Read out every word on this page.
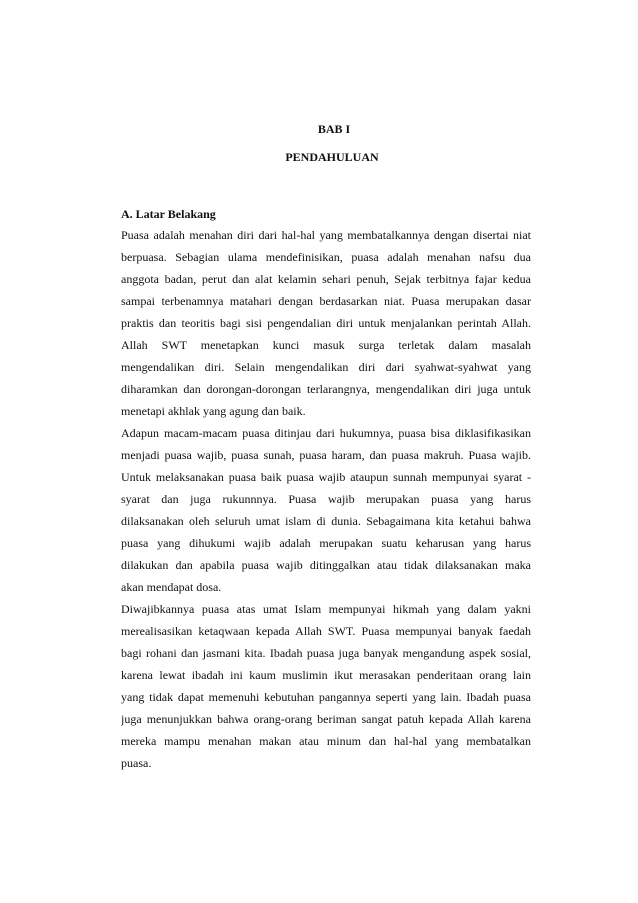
BAB I
PENDAHULUAN
A. Latar Belakang
Puasa adalah menahan diri dari hal-hal yang membatalkannya dengan disertai niat
berpuasa. Sebagian ulama mendefinisikan, puasa adalah menahan nafsu dua
anggota badan, perut dan alat kelamin sehari penuh, Sejak terbitnya fajar kedua
sampai terbenamnya matahari dengan berdasarkan niat. Puasa merupakan dasar
praktis dan teoritis bagi sisi pengendalian diri untuk menjalankan perintah Allah.
Allah SWT menetapkan kunci masuk surga terletak dalam masalah
mengendalikan diri. Selain mengendalikan diri dari syahwat-syahwat yang
diharamkan dan dorongan-dorongan terlarangnya, mengendalikan diri juga untuk
menetapi akhlak yang agung dan baik.
Adapun macam-macam puasa ditinjau dari hukumnya, puasa bisa diklasifikasikan
menjadi puasa wajib, puasa sunah, puasa haram, dan puasa makruh. Puasa wajib.
Untuk melaksanakan puasa baik puasa wajib ataupun sunnah mempunyai syarat -
syarat dan juga rukunnnya. Puasa wajib merupakan puasa yang harus
dilaksanakan oleh seluruh umat islam di dunia. Sebagaimana kita ketahui bahwa
puasa yang dihukumi wajib adalah merupakan suatu keharusan yang harus
dilakukan dan apabila puasa wajib ditinggalkan atau tidak dilaksanakan maka
akan mendapat dosa.
Diwajibkannya puasa atas umat Islam mempunyai hikmah yang dalam yakni
merealisasikan ketaqwaan kepada Allah SWT. Puasa mempunyai banyak faedah
bagi rohani dan jasmani kita. Ibadah puasa juga banyak mengandung aspek sosial,
karena lewat ibadah ini kaum muslimin ikut merasakan penderitaan orang lain
yang tidak dapat memenuhi kebutuhan pangannya seperti yang lain. Ibadah puasa
juga menunjukkan bahwa orang-orang beriman sangat patuh kepada Allah karena
mereka mampu menahan makan atau minum dan hal-hal yang membatalkan
puasa.
